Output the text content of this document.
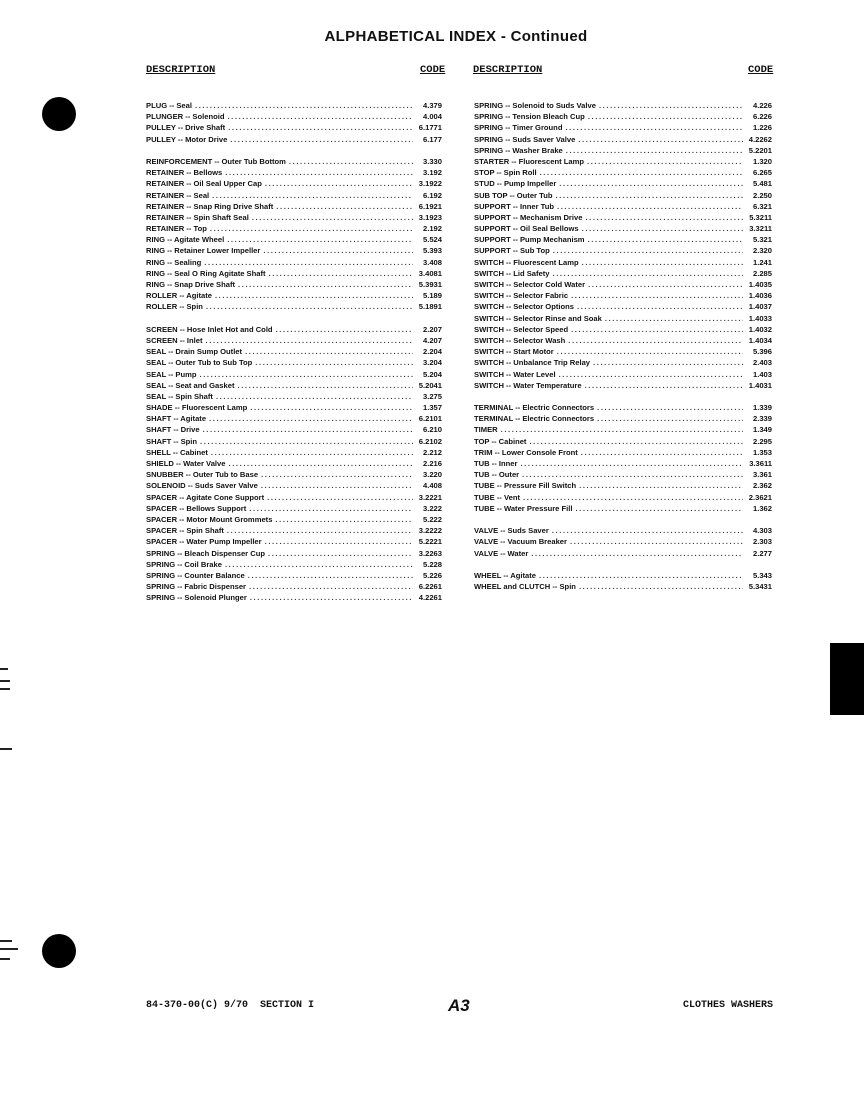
ALPHABETICAL INDEX - Continued
DESCRIPTION	CODE	DESCRIPTION	CODE
PLUG -- Seal .....	4.379
PLUNGER -- Solenoid .....	4.004
PULLEY -- Drive Shaft .....	6.1771
PULLEY -- Motor Drive .....	6.177
REINFORCEMENT -- Outer Tub Bottom .....	3.330
RETAINER -- Bellows .....	3.192
RETAINER -- Oil Seal Upper Cap .....	3.1922
RETAINER -- Seal .....	6.192
RETAINER -- Snap Ring Drive Shaft .....	6.1921
RETAINER -- Spin Shaft Seal .....	3.1923
RETAINER -- Top .....	2.192
RING -- Agitate Wheel .....	5.524
RING -- Retainer Lower Impeller .....	5.393
RING -- Sealing .....	3.408
RING -- Seal O Ring Agitate Shaft .....	3.4081
RING -- Snap Drive Shaft .....	5.3931
ROLLER -- Agitate .....	5.189
ROLLER -- Spin .....	5.1891
SCREEN -- Hose Inlet Hot and Cold .....	2.207
SCREEN -- Inlet .....	4.207
SEAL -- Drain Sump Outlet .....	2.204
SEAL -- Outer Tub to Sub Top .....	3.204
SEAL -- Pump .....	5.204
SEAL -- Seat and Gasket .....	5.2041
SEAL -- Spin Shaft .....	3.275
SHADE -- Fluorescent Lamp .....	1.357
SHAFT -- Agitate .....	6.2101
SHAFT -- Drive .....	6.210
SHAFT -- Spin .....	6.2102
SHELL -- Cabinet .....	2.212
SHIELD -- Water Valve .....	2.216
SNUBBER -- Outer Tub to Base .....	3.220
SOLENOID -- Suds Saver Valve .....	4.408
SPACER -- Agitate Cone Support .....	3.2221
SPACER -- Bellows Support .....	3.222
SPACER -- Motor Mount Grommets .....	5.222
SPACER -- Spin Shaft .....	3.2222
SPACER -- Water Pump Impeller .....	5.2221
SPRING -- Bleach Dispenser Cup .....	3.2263
SPRING -- Coil Brake .....	5.228
SPRING -- Counter Balance .....	5.226
SPRING -- Fabric Dispenser .....	6.2261
SPRING -- Solenoid Plunger .....	4.2261
SPRING -- Solenoid to Suds Valve .....	4.226
SPRING -- Tension Bleach Cup .....	6.226
SPRING -- Timer Ground .....	1.226
SPRING -- Suds Saver Valve .....	4.2262
SPRING -- Washer Brake .....	5.2201
STARTER -- Fluorescent Lamp .....	1.320
STOP -- Spin Roll .....	6.265
STUD -- Pump Impeller .....	5.481
SUB TOP -- Outer Tub .....	2.250
SUPPORT -- Inner Tub .....	6.321
SUPPORT -- Mechanism Drive .....	5.3211
SUPPORT -- Oil Seal Bellows .....	3.3211
SUPPORT -- Pump Mechanism .....	5.321
SUPPORT -- Sub Top .....	2.320
SWITCH -- Fluorescent Lamp .....	1.241
SWITCH -- Lid Safety .....	2.285
SWITCH -- Selector Cold Water .....	1.4035
SWITCH -- Selector Fabric .....	1.4036
SWITCH -- Selector Options .....	1.4037
SWITCH -- Selector Rinse and Soak .....	1.4033
SWITCH -- Selector Speed .....	1.4032
SWITCH -- Selector Wash .....	1.4034
SWITCH -- Start Motor .....	5.396
SWITCH -- Unbalance Trip Relay .....	2.403
SWITCH -- Water Level .....	1.403
SWITCH -- Water Temperature .....	1.4031
TERMINAL -- Electric Connectors .....	1.339
TERMINAL -- Electric Connectors .....	2.339
TIMER .....	1.349
TOP -- Cabinet .....	2.295
TRIM -- Lower Console Front .....	1.353
TUB -- Inner .....	3.3611
TUB -- Outer .....	3.361
TUBE -- Pressure Fill Switch .....	2.362
TUBE -- Vent .....	2.3621
TUBE -- Water Pressure Fill .....	1.362
VALVE -- Suds Saver .....	4.303
VALVE -- Vacuum Breaker .....	2.303
VALVE -- Water .....	2.277
WHEEL -- Agitate .....	5.343
WHEEL and CLUTCH -- Spin .....	5.3431
84-370-00(C) 9/70 SECTION I	A3	CLOTHES WASHERS
